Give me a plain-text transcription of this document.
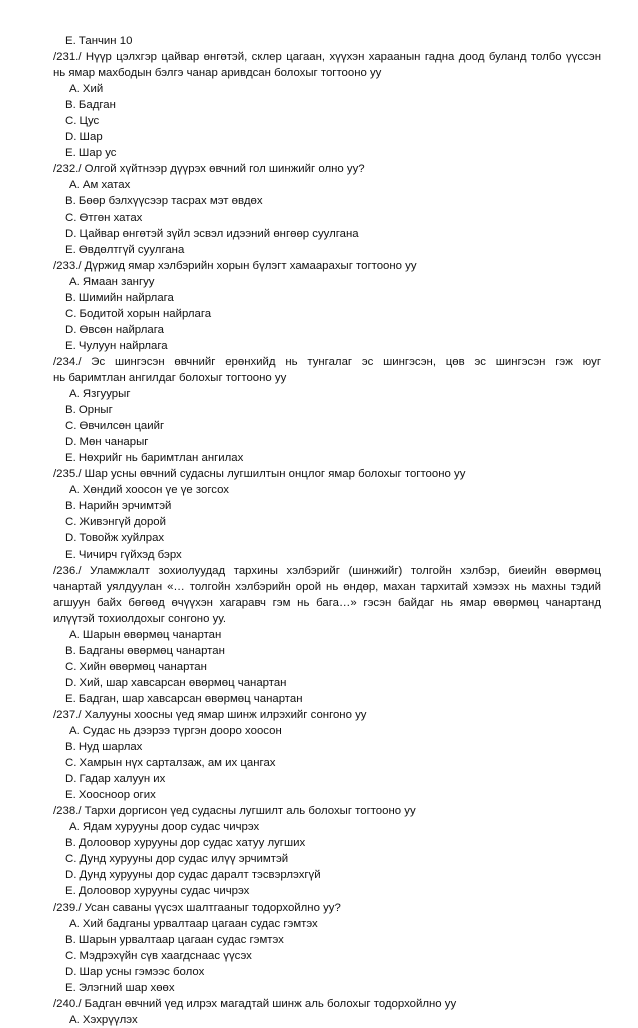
E. Танчин 10
/231./ Нүүр цэлхгэр цайвар өнгөтэй, склер цагаан, хүүхэн хараанын гадна доод буланд толбо үүссэн
нь ямар махбодын бэлгэ чанар аривдсан болохыг тогтооно уу
A. Хий
B. Бадган
C. Цус
D. Шар
E. Шар ус
/232./ Олгой хүйтнээр дүүрэх өвчний гол шинжийг олно уу?
A. Ам хатах
B. Бөөр бэлхүүсээр тасрах мэт өвдөх
C. Өтгөн хатах
D. Цайвар өнгөтэй зүйл эсвэл идээний өнгөөр суулгана
E. Өвдөлтгүй суулгана
/233./ Дүржид ямар хэлбэрийн хорын бүлэгт хамаарахыг тогтооно уу
A. Ямаан зангуу
B. Шимийн найрлага
C. Бодитой хорын найрлага
D. Өвсөн найрлага
E. Чулуун найрлага
/234./ Эс шингэсэн өвчнийг ерөнхийд нь тунгалаг эс шингэсэн, цөв эс шингэсэн гэж юуг
нь баримтлан ангилдаг болохыг тогтооно уу
A. Язгуурыг
B. Орныг
C. Өвчилсөн цаийг
D. Мөн чанарыг
E. Нөхрийг нь баримтлан ангилах
/235./ Шар усны өвчний судасны лугшилтын онцлог ямар болохыг тогтооно уу
A. Хөндий хоосон үе үе зогсох
B. Нарийн эрчимтэй
C. Живэнгүй дорой
D. Товойж хуйлрах
E. Чичирч гүйхэд бэрх
/236./ Уламжлалт зохиолуудад тархины хэлбэрийг (шинжийг) толгойн хэлбэр, биеийн өвөрмөц
чанартай уялдуулан «… толгойн хэлбэрийн орой нь өндөр, махан тархитай хэмээх нь махны тэдий
агшуун байх бөгөөд өчүүхэн хагаравч гэм нь бага…» гэсэн байдаг нь ямар өвөрмөц чанартанд
илүүтэй тохиолдохыг сонгоно уу.
A. Шарын өвөрмөц чанартан
B. Бадганы өвөрмөц чанартан
C. Хийн өвөрмөц чанартан
D. Хий, шар хавсарсан өвөрмөц чанартан
E. Бадган, шар хавсарсан өвөрмөц чанартан
/237./ Халууны хоосны үед ямар шинж илрэхийг сонгоно уу
A. Судас нь дээрээ түргэн дооро хоосон
B. Нуд шарлах
C. Хамрын нүх сарталзаж, ам их цангах
D. Гадар халуун их
E. Хоосноор огих
/238./ Тархи доргисон үед судасны лугшилт аль болохыг тогтооно уу
A. Ядам хурууны доор судас чичрэх
B. Долоовор хурууны дор судас хатуу лугших
C. Дунд хурууны дор судас илүү эрчимтэй
D. Дунд хурууны дор судас даралт тэсвэрлэхгүй
E. Долоовор хурууны судас чичрэх
/239./ Усан саваны үүсэх шалтгааныг тодорхойлно уу?
A. Хий бадганы урвалтаар цагаан судас гэмтэх
B. Шарын урвалтаар цагаан судас гэмтэх
C. Мэдрэхүйн сүв хаагдснаас үүсэх
D. Шар усны гэмээс болох
E. Элэгний шар хөөх
/240./ Бадган өвчний үед илрэх магадтай шинж аль болохыг тодорхойлно уу
A. Хэхрүүлэх
